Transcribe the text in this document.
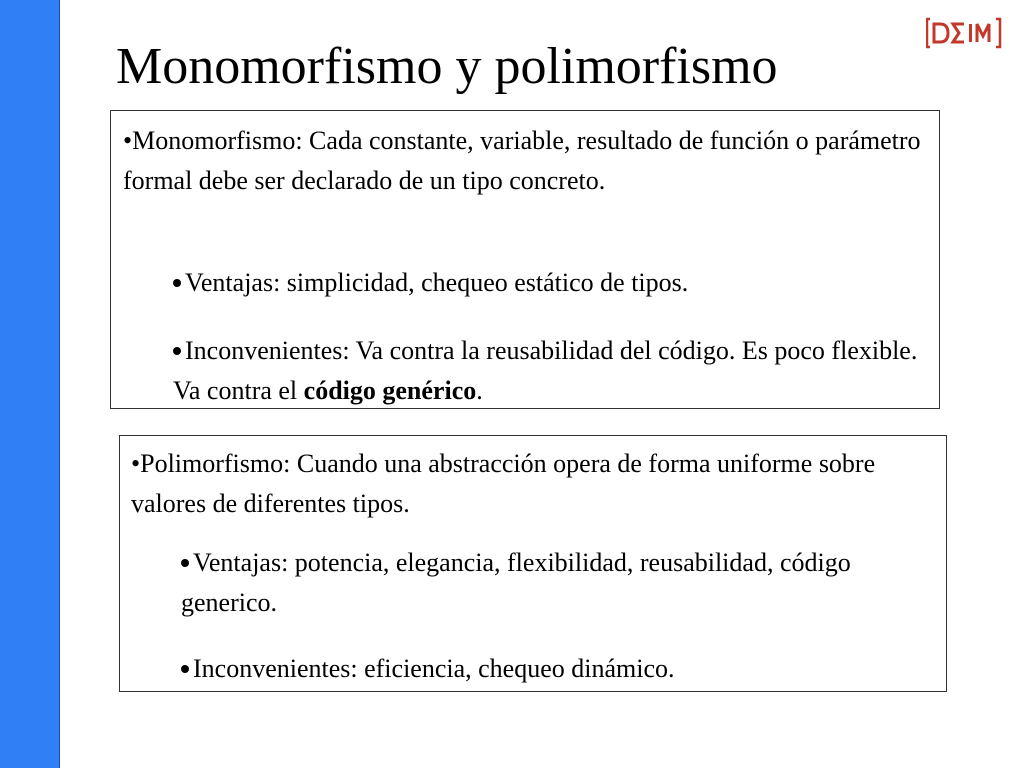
Monomorfismo y polimorfismo
•Monomorfismo: Cada constante, variable, resultado de función o parámetro formal debe ser declarado de un tipo concreto.
Ventajas: simplicidad, chequeo estático de tipos.
Inconvenientes: Va contra la reusabilidad del código. Es poco flexible. Va contra el código genérico.
•Polimorfismo: Cuando una abstracción opera de forma uniforme sobre valores de diferentes tipos.
Ventajas: potencia, elegancia, flexibilidad, reusabilidad, código generico.
Inconvenientes: eficiencia, chequeo dinámico.
